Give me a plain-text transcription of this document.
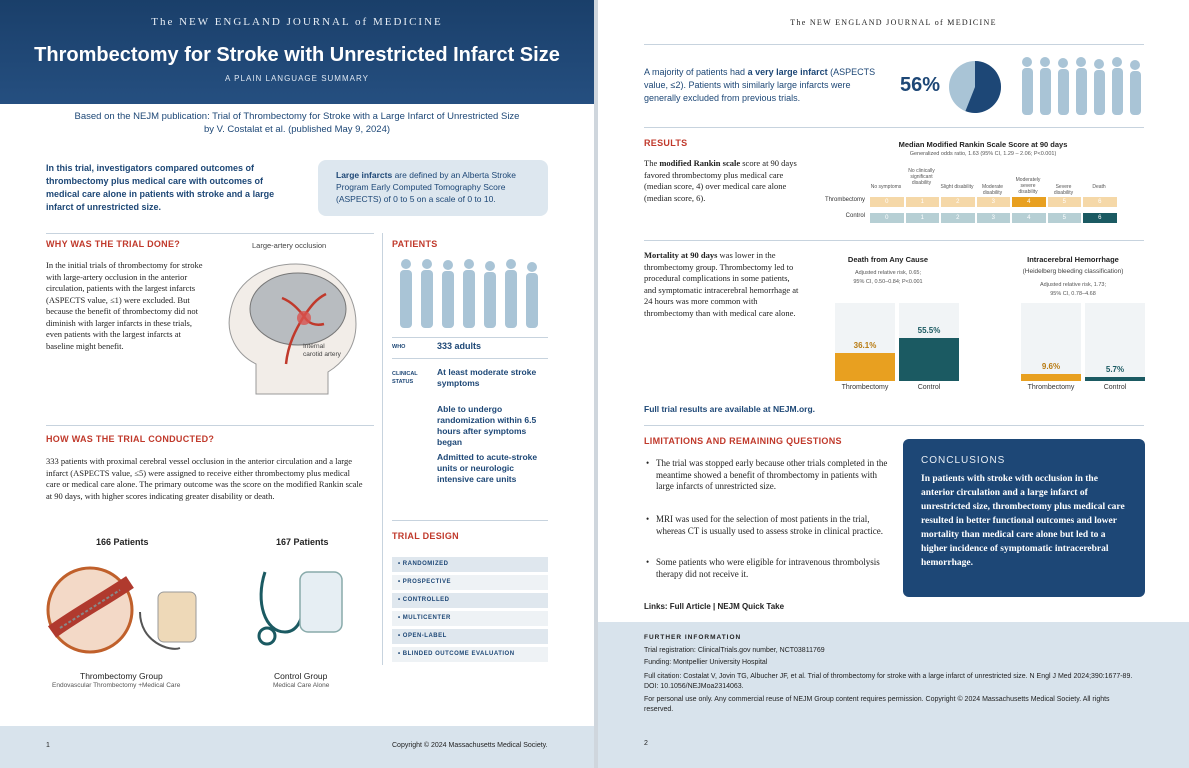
The NEW ENGLAND JOURNAL of MEDICINE
Thrombectomy for Stroke with Unrestricted Infarct Size
A PLAIN LANGUAGE SUMMARY
Based on the NEJM publication: Trial of Thrombectomy for Stroke with a Large Infarct of Unrestricted Size
by V. Costalat et al. (published May 9, 2024)
In this trial, investigators compared outcomes of thrombectomy plus medical care with outcomes of medical care alone in patients with stroke and a large infarct of unrestricted size.
Large infarcts are defined by an Alberta Stroke Program Early Computed Tomography Score (ASPECTS) of 0 to 5 on a scale of 0 to 10.
WHY WAS THE TRIAL DONE?
In the initial trials of thrombectomy for stroke with large-artery occlusion in the anterior circulation, patients with the largest infarcts (ASPECTS value, ≤1) were excluded. But because the benefit of thrombectomy did not diminish with larger infarcts in these trials, even patients with the largest infarcts at baseline might benefit.
Large-artery occlusion
Internal
carotid artery
HOW WAS THE TRIAL CONDUCTED?
333 patients with proximal cerebral vessel occlusion in the anterior circulation and a large infarct (ASPECTS value, ≤5) were assigned to receive either thrombectomy plus medical care or medical care alone. The primary outcome was the score on the modified Rankin scale at 90 days, with higher scores indicating greater disability or death.
166 Patients	167 Patients
Thrombectomy Group
Endovascular Thrombectomy +Medical Care
Control Group
Medical Care Alone
PATIENTS
WHO	333 adults
CLINICAL
STATUS
At least moderate stroke symptoms
Able to undergo randomization within 6.5 hours after symptoms began
Admitted to acute-stroke units or neurologic intensive care units
TRIAL DESIGN
• RANDOMIZED
• PROSPECTIVE
• CONTROLLED
• MULTICENTER
• OPEN-LABEL
• BLINDED OUTCOME EVALUATION
1	Copyright © 2024 Massachusetts Medical Society.
The NEW ENGLAND JOURNAL of MEDICINE
A majority of patients had a very large infarct (ASPECTS value, ≤2). Patients with similarly large infarcts were generally excluded from previous trials.
56%
RESULTS
The modified Rankin scale score at 90 days favored thrombectomy plus medical care (median score, 4) over medical care alone (median score, 6).
Median Modified Rankin Scale Score at 90 days
Generalized odds ratio, 1.63 (95% CI, 1.29 – 2.06; P<0.001)
No symptoms
No clinically significant disability
Slight disability	Moderate disability
Moderately severe disability
Severe disability
Death
Thrombectomy	0	1	2	3	4	5	6
Control	0	1	2	3	4	5	6
Mortality at 90 days was lower in the thrombectomy group. Thrombectomy led to procedural complications in some patients, and symptomatic intracerebral hemorrhage at 24 hours was more common with thrombectomy than with medical care alone.
Death from Any Cause
Adjusted relative risk, 0.65;
95% CI, 0.50–0.84; P<0.001
Intracerebral Hemorrhage
(Heidelberg bleeding classification)
Adjusted relative risk, 1.73;
95% CI, 0.78–4.68
36.1%
Thrombectomy
55.5%
Control
9.6%
Thrombectomy
5.7%
Control
Full trial results are available at NEJM.org.
LIMITATIONS AND REMAINING QUESTIONS
• The trial was stopped early because other trials completed in the meantime showed a benefit of thrombectomy in patients with large infarcts of unrestricted size.
• MRI was used for the selection of most patients in the trial, whereas CT is usually used to assess stroke in clinical practice.
• Some patients who were eligible for intravenous thrombolysis therapy did not receive it.
Links: Full Article | NEJM Quick Take
CONCLUSIONS
In patients with stroke with occlusion in the anterior circulation and a large infarct of unrestricted size, thrombectomy plus medical care resulted in better functional outcomes and lower mortality than medical care alone but led to a higher incidence of symptomatic intracerebral hemorrhage.
FURTHER INFORMATION
Trial registration: ClinicalTrials.gov number, NCT03811769
Funding: Montpellier University Hospital
Full citation: Costalat V, Jovin TG, Albucher JF, et al. Trial of thrombectomy for stroke with a large infarct of unrestricted size. N Engl J Med 2024;390:1677-89. DOI: 10.1056/NEJMoa2314063.
For personal use only. Any commercial reuse of NEJM Group content requires permission. Copyright © 2024 Massachusetts Medical Society. All rights reserved.
2
